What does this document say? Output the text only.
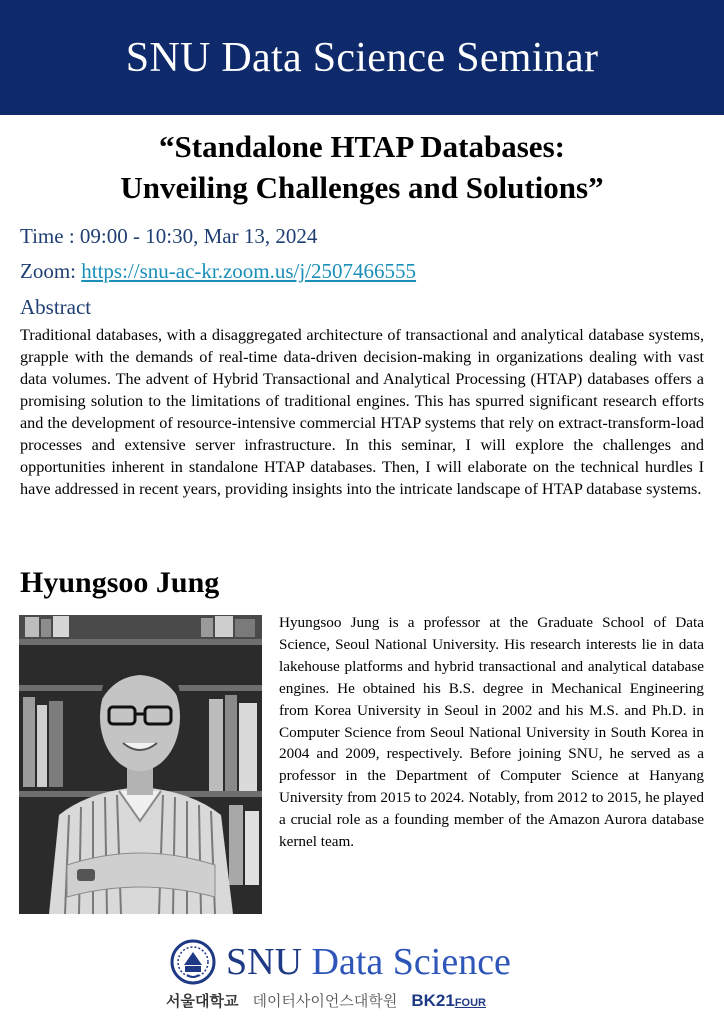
SNU Data Science Seminar
“Standalone HTAP Databases:
Unveiling Challenges and Solutions”
Time : 09:00 - 10:30, Mar 13, 2024
Zoom: https://snu-ac-kr.zoom.us/j/2507466555
Abstract
Traditional databases, with a disaggregated architecture of transactional and analytical database systems, grapple with the demands of real-time data-driven decision-making in organizations dealing with vast data volumes. The advent of Hybrid Transactional and Analytical Processing (HTAP) databases offers a promising solution to the limitations of traditional engines. This has spurred significant research efforts and the development of resource-intensive commercial HTAP systems that rely on extract-transform-load processes and extensive server infrastructure. In this seminar, I will explore the challenges and opportunities inherent in standalone HTAP databases. Then, I will elaborate on the technical hurdles I have addressed in recent years, providing insights into the intricate landscape of HTAP database systems.
Hyungsoo Jung
Hyungsoo Jung is a professor at the Graduate School of Data Science, Seoul National University. His research interests lie in data lakehouse platforms and hybrid transactional and analytical database engines. He obtained his B.S. degree in Mechanical Engineering from Korea University in Seoul in 2002 and his M.S. and Ph.D. in Computer Science from Seoul National University in South Korea in 2004 and 2009, respectively. Before joining SNU, he served as a professor in the Department of Computer Science at Hanyang University from 2015 to 2024. Notably, from 2012 to 2015, he played a crucial role as a founding member of the Amazon Aurora database kernel team.
SNU Data Science
서울대학교 데이터사이언스대학원 BK21 FOUR
